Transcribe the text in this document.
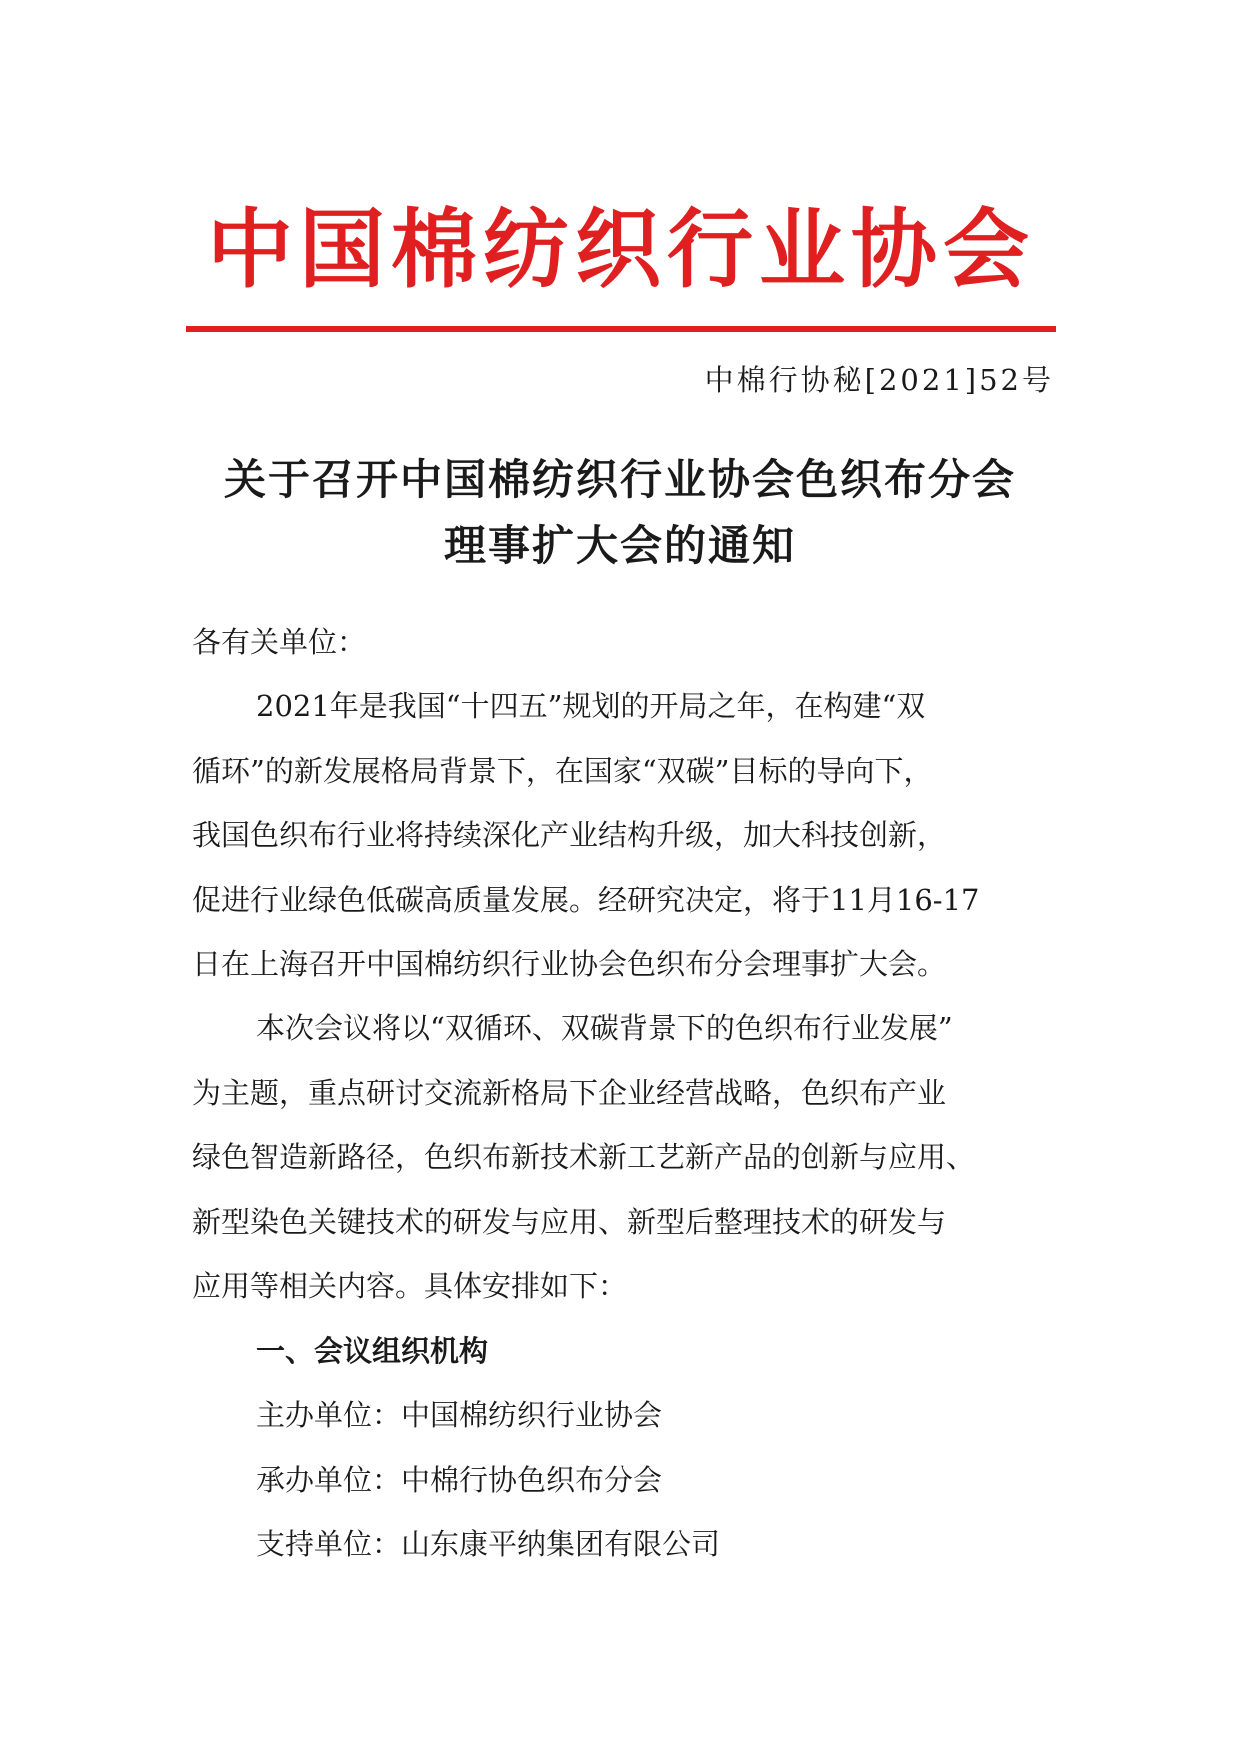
中国棉纺织行业协会
中棉行协秘[2021]52号
关于召开中国棉纺织行业协会色织布分会
理事扩大会的通知
各有关单位：
2021年是我国“十四五”规划的开局之年，在构建“双
循环”的新发展格局背景下，在国家“双碳”目标的导向下，
我国色织布行业将持续深化产业结构升级，加大科技创新，
促进行业绿色低碳高质量发展。经研究决定，将于11月16-17
日在上海召开中国棉纺织行业协会色织布分会理事扩大会。
本次会议将以“双循环、双碳背景下的色织布行业发展”
为主题，重点研讨交流新格局下企业经营战略，色织布产业
绿色智造新路径，色织布新技术新工艺新产品的创新与应用、
新型染色关键技术的研发与应用、新型后整理技术的研发与
应用等相关内容。具体安排如下：
一、会议组织机构
主办单位：中国棉纺织行业协会
承办单位：中棉行协色织布分会
支持单位：山东康平纳集团有限公司
